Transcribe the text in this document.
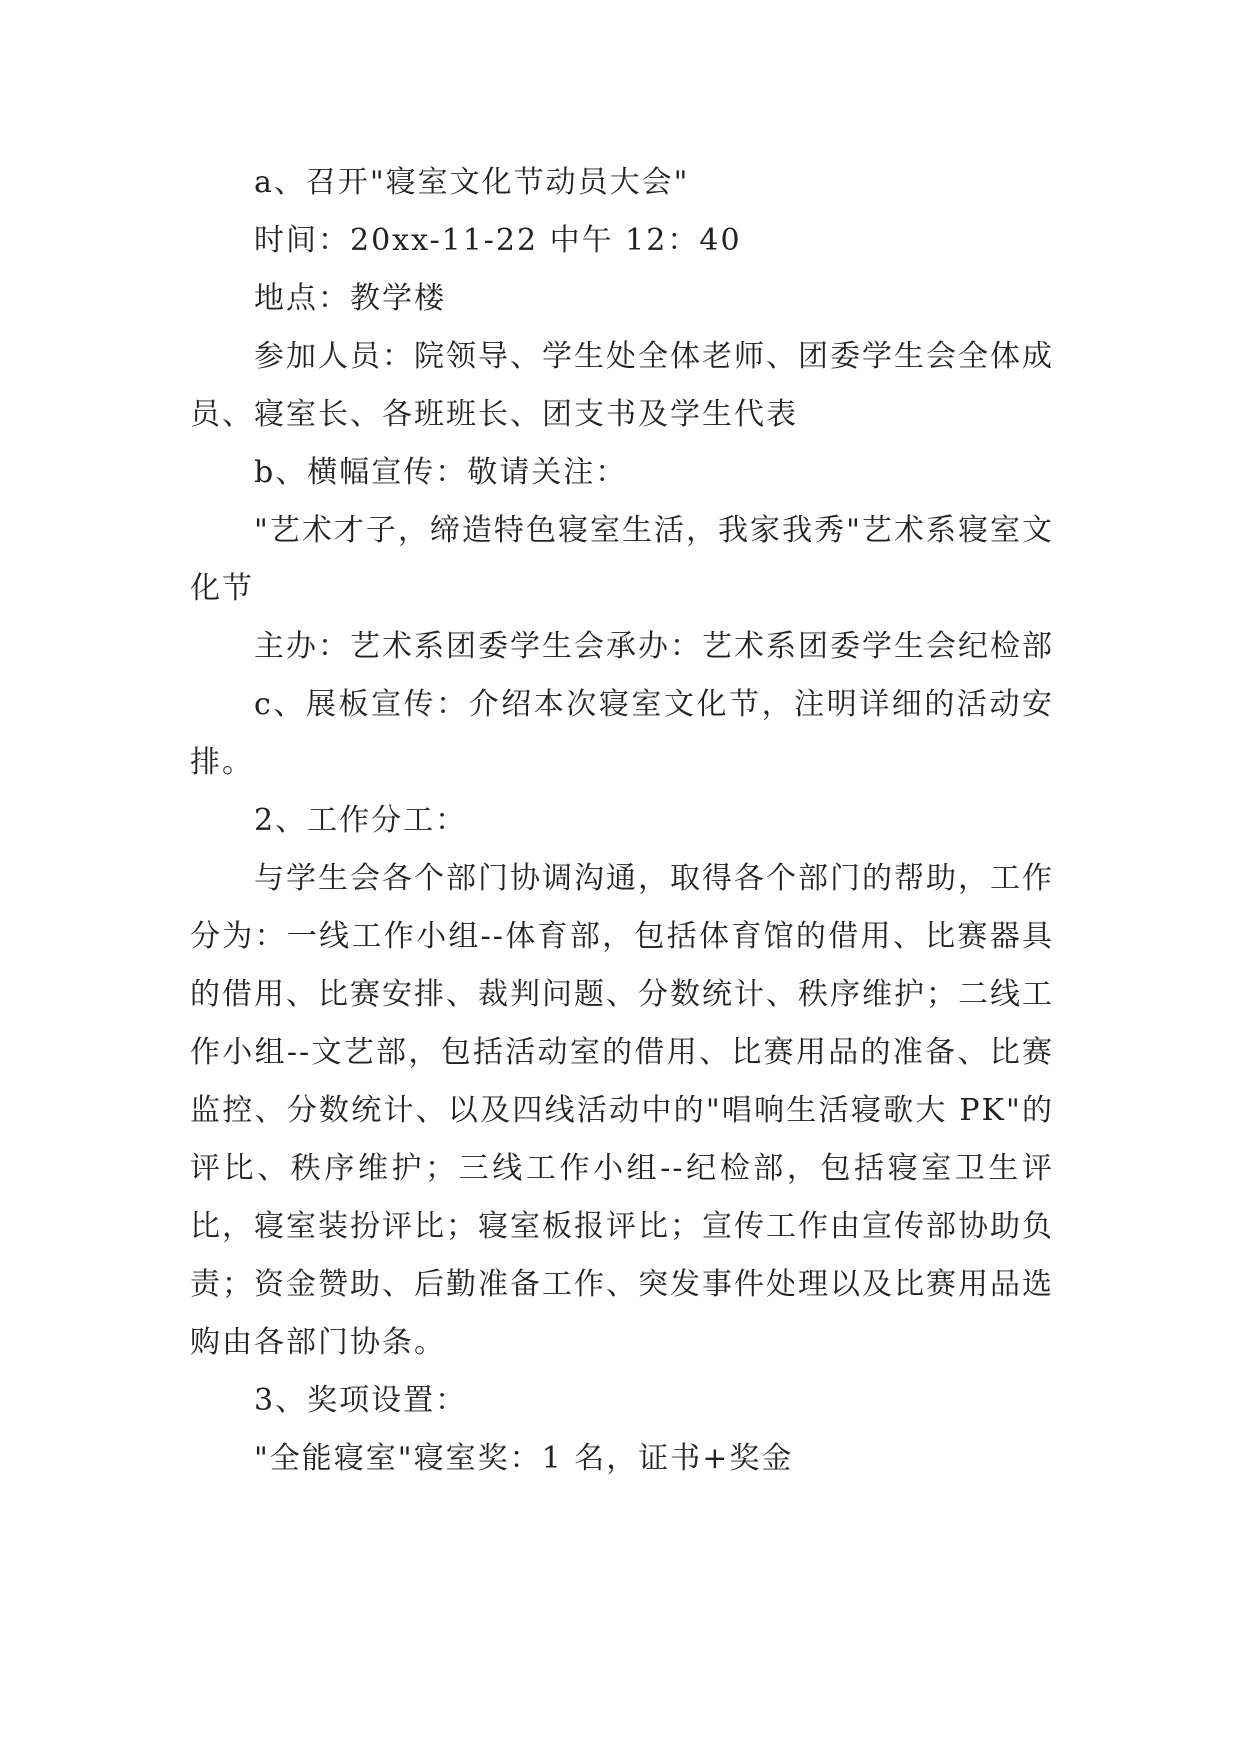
a、召开"寝室文化节动员大会"

时间：20xx-11-22 中午 12：40

地点：教学楼

参加人员：院领导、学生处全体老师、团委学生会全体成员、寝室长、各班班长、团支书及学生代表

b、横幅宣传：敬请关注：

"艺术才子，缔造特色寝室生活，我家我秀"艺术系寝室文化节

主办：艺术系团委学生会承办：艺术系团委学生会纪检部

c、展板宣传：介绍本次寝室文化节，注明详细的活动安排。

2、工作分工：

与学生会各个部门协调沟通，取得各个部门的帮助，工作分为：一线工作小组--体育部，包括体育馆的借用、比赛器具的借用、比赛安排、裁判问题、分数统计、秩序维护；二线工作小组--文艺部，包括活动室的借用、比赛用品的准备、比赛监控、分数统计、以及四线活动中的"唱响生活寝歌大 PK"的评比、秩序维护；三线工作小组--纪检部，包括寝室卫生评比，寝室装扮评比；寝室板报评比；宣传工作由宣传部协助负责；资金赞助、后勤准备工作、突发事件处理以及比赛用品选购由各部门协条。

3、奖项设置：

"全能寝室"寝室奖：1 名，证书+奖金
